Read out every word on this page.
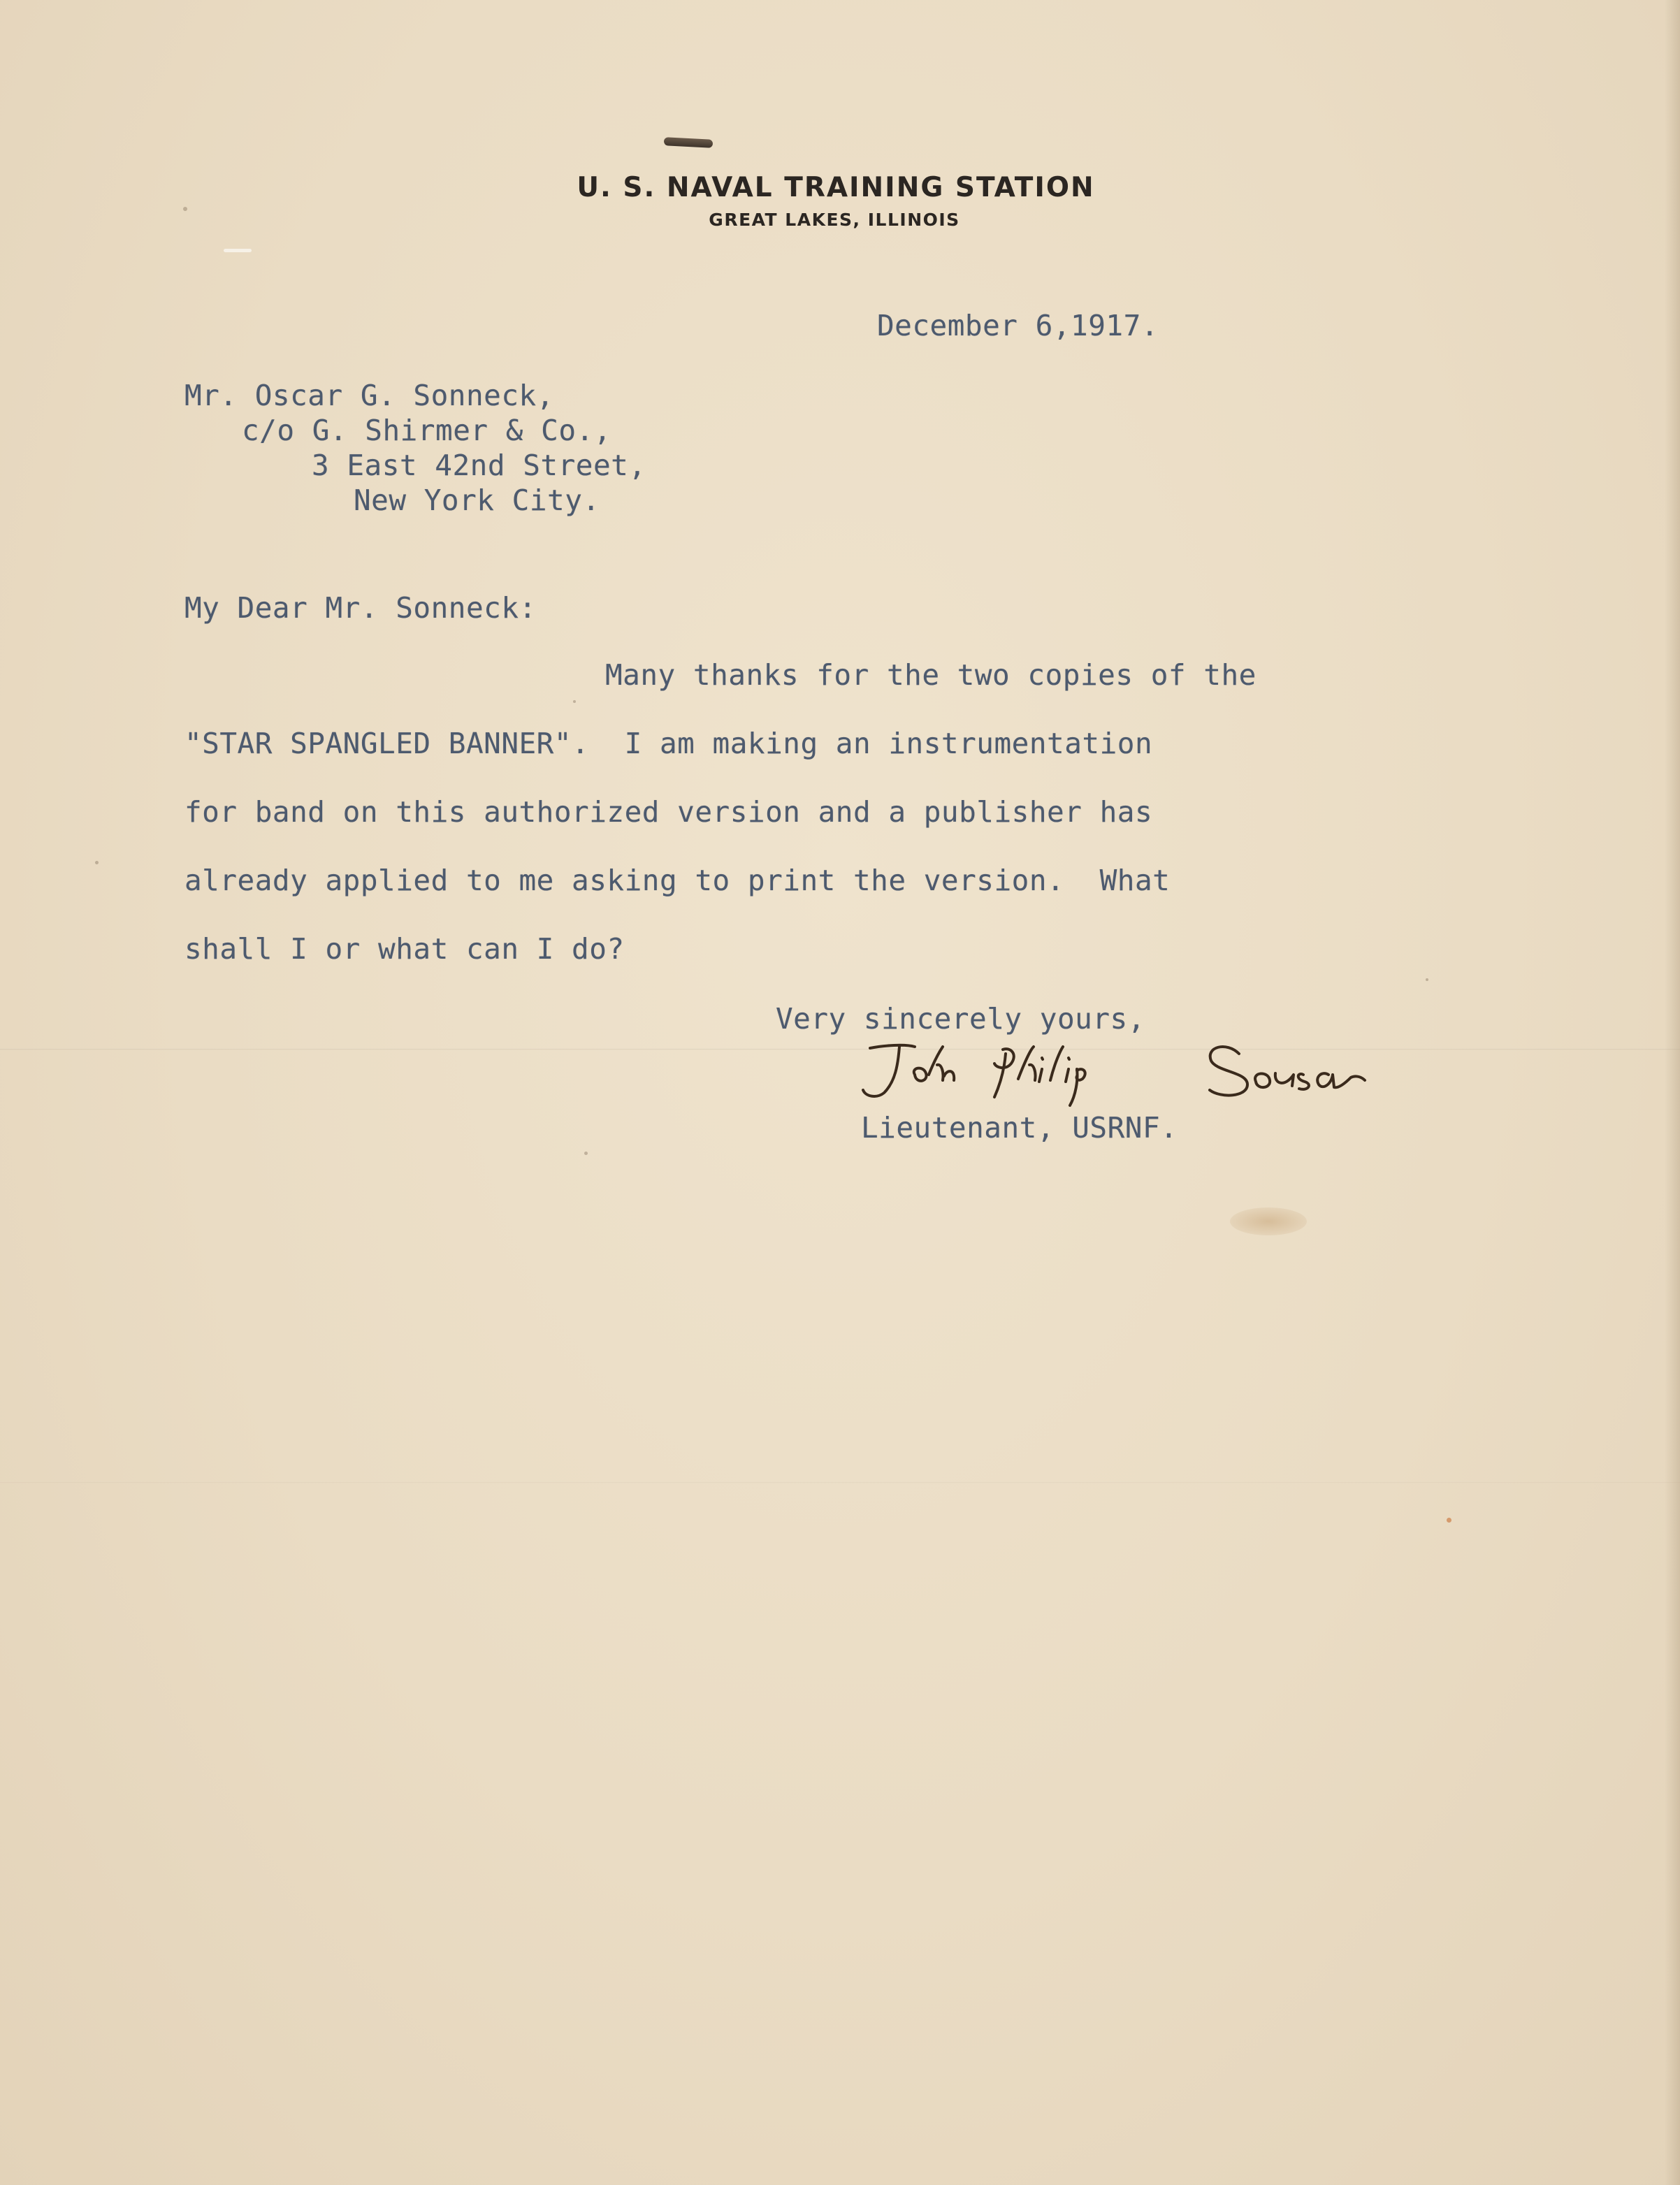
U. S. NAVAL TRAINING STATION
GREAT LAKES, ILLINOIS
December 6,1917.
Mr. Oscar G. Sonneck,
c/o G. Shirmer & Co.,
3 East 42nd Street,
New York City.
My Dear Mr. Sonneck:
Many thanks for the two copies of the
"STAR SPANGLED BANNER".  I am making an instrumentation
for band on this authorized version and a publisher has
already applied to me asking to print the version.  What
shall I or what can I do?
Very sincerely yours,
Lieutenant, USRNF.
